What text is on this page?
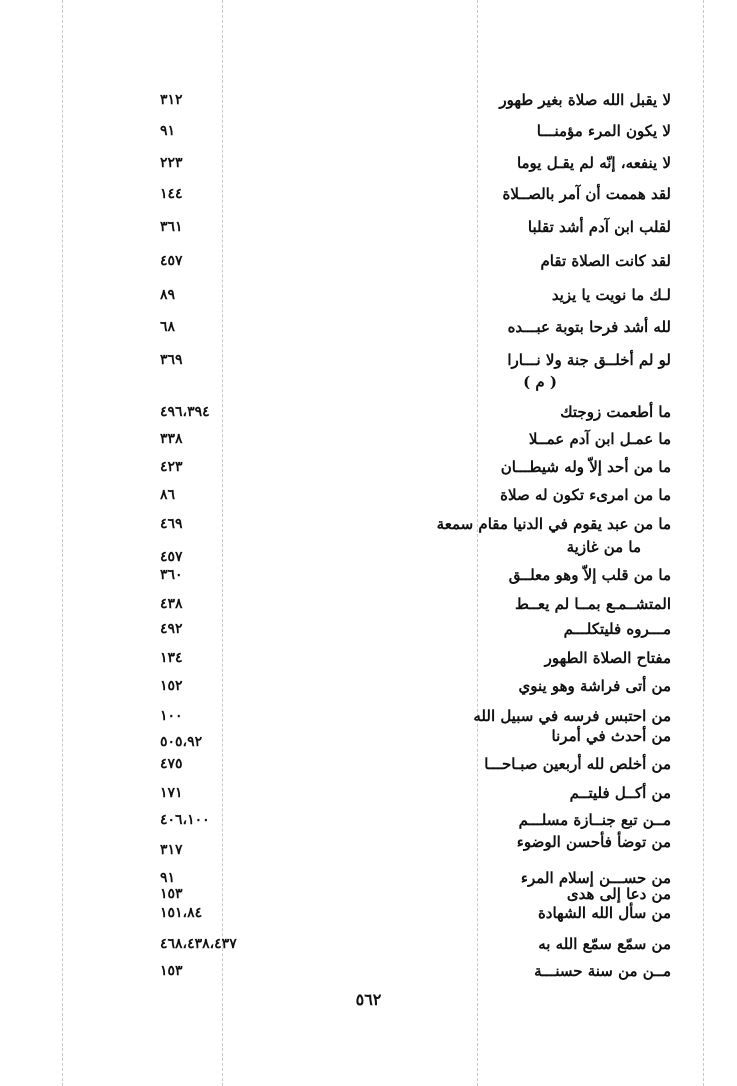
لا يقبل الله صلاة بغير طهور
٣١٢
لا يكون المرء مؤمنـــا
٩١
لا ينفعه، إنّه لم يقـل يوما
٢٢٣
لقد هممت أن آمر بالصــلاة
١٤٤
لقلب ابن آدم أشد تقلبا
٣٦١
لقد كانت الصلاة تقام
٤٥٧
لـك ما نويت يا يزيد
٨٩
لله أشد فرحا بتوبة عبـــده
٦٨
لو لم أخلــق جنة ولا نـــارا
٣٦٩
( م )
ما أطعمت زوجتك
٤٩٦،٣٩٤
ما عمـل ابن آدم عمــلا
٣٣٨
ما من أحد إلاّ وله شيطـــان
٤٢٣
ما من امرىء تكون له صلاة
٨٦
ما من عبد يقوم في الدنيا مقام سمعة
٤٦٩
ما من غازية
٤٥٧
ما من قلب إلاّ وهو معلــق
٣٦٠
المتشــمـع بمــا لم يعــط
٤٣٨
مـــروه فليتكلـــم
٤٩٢
مفتاح الصلاة الطهور
١٣٤
من أتى فراشة وهو ينوي
١٥٢
من احتبس فرسه في سبيل الله
١٠٠
من أحدث في أمرنا
٥٠٥،٩٢
من أخلص لله أربعين صبـاحـــا
٤٧٥
من أكــل فليتــم
١٧١
مــن تبع جنــازة مسلـــم
٤٠٦،١٠٠
من توضأ فأحسن الوضوء
٣١٧
من حســـن إسلام المرء
٩١
من دعا إلى هدى
١٥٣
من سأل الله الشهادة
١٥١،٨٤
من سمّع سمّع الله به
٤٦٨،٤٣٨،٤٣٧
مــن من سنة حسنـــة
١٥٣
٥٦٢
